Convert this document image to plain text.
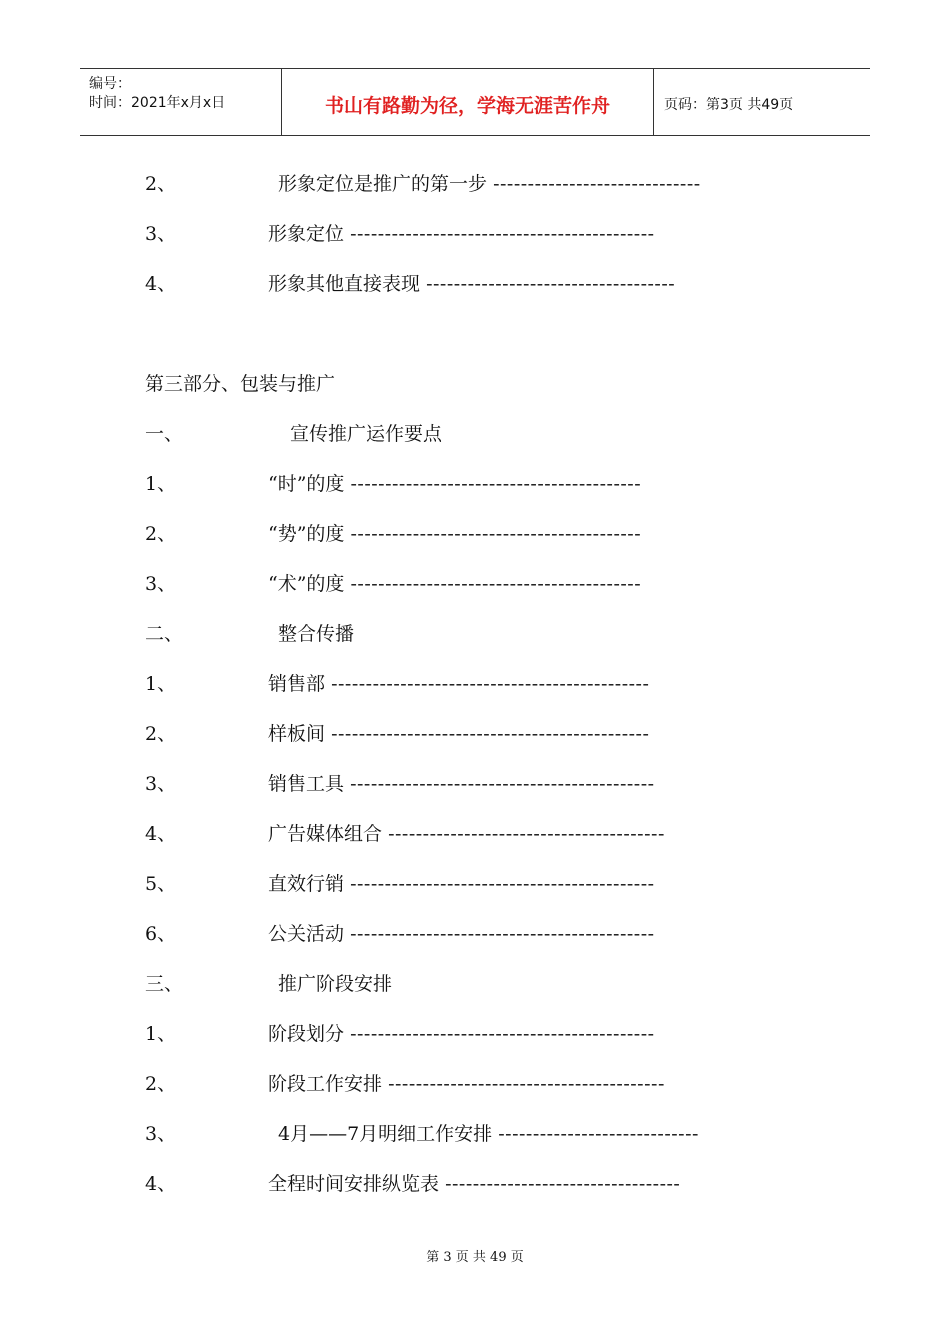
编号：
时间：2021年x月x日	书山有路勤为径，学海无涯苦作舟	页码：第3页 共49页
2、	形象定位是推广的第一步 ------------------------------
3、	形象定位 --------------------------------------------
4、	形象其他直接表现 ------------------------------------
第三部分、包装与推广
一、	宣传推广运作要点
1、	“时”的度 ------------------------------------------
2、	“势”的度 ------------------------------------------
3、	“术”的度 ------------------------------------------
二、	整合传播
1、	销售部 ----------------------------------------------
2、	样板间 ----------------------------------------------
3、	销售工具 --------------------------------------------
4、	广告媒体组合 ----------------------------------------
5、	直效行销 --------------------------------------------
6、	公关活动 --------------------------------------------
三、	推广阶段安排
1、	阶段划分 --------------------------------------------
2、	阶段工作安排 ----------------------------------------
3、	4月——7月明细工作安排 -----------------------------
4、	全程时间安排纵览表 ----------------------------------
第 3 页 共 49 页
